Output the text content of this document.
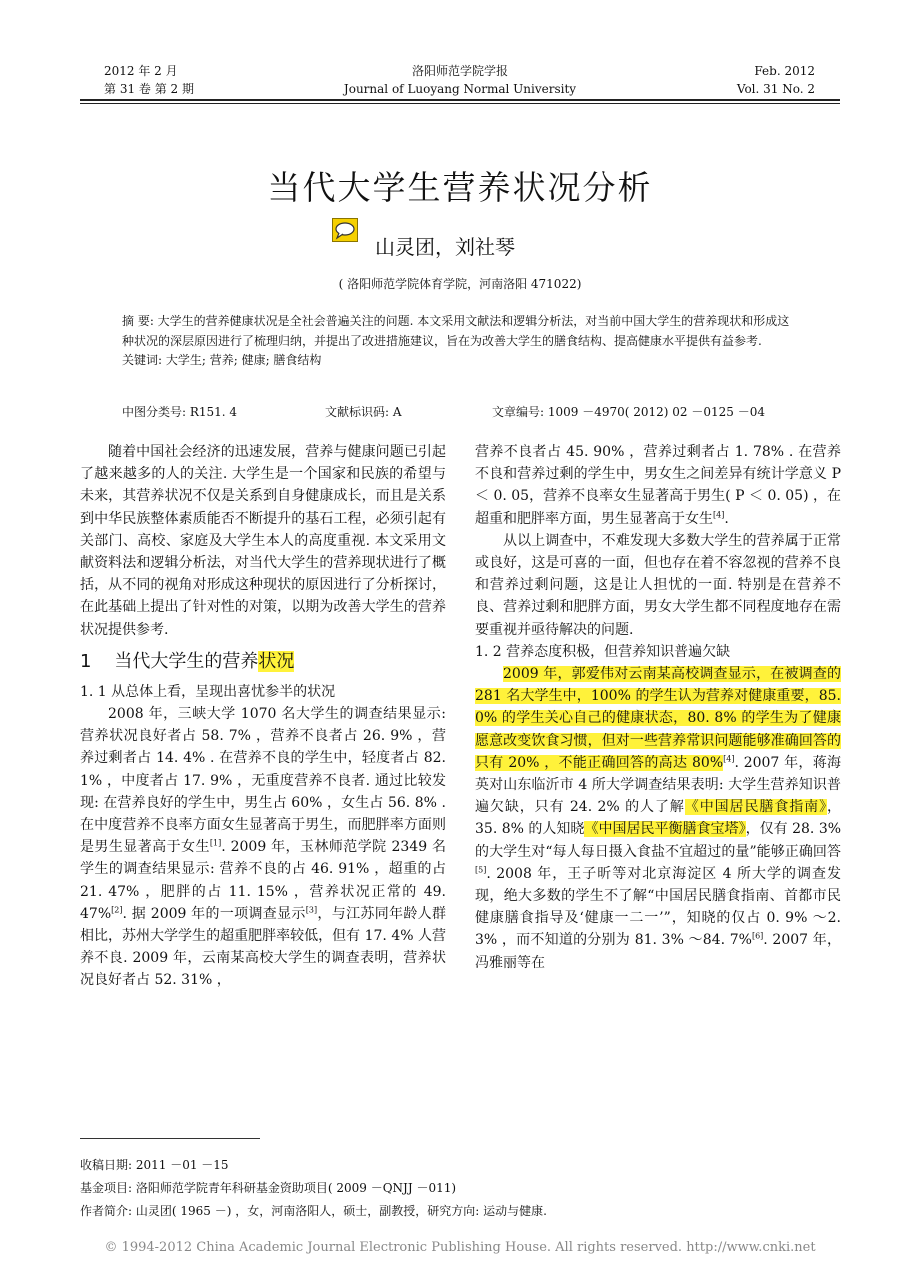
2012 年 2 月
第 31 卷 第 2 期
洛阳师范学院学报
Journal of Luoyang Normal University
Feb. 2012
Vol. 31 No. 2
当代大学生营养状况分析
山灵团，刘社琴
( 洛阳师范学院体育学院，河南洛阳 471022)
摘 要: 大学生的营养健康状况是全社会普遍关注的问题. 本文采用文献法和逻辑分析法，对当前中国大学生的营养现状和形成这种状况的深层原因进行了梳理归纳，并提出了改进措施建议，旨在为改善大学生的膳食结构、提高健康水平提供有益参考.
关键词: 大学生; 营养; 健康; 膳食结构
中图分类号: R151. 4	文献标识码: A	文章编号: 1009 －4970( 2012) 02 －0125 －04

随着中国社会经济的迅速发展，营养与健康问题已引起了越来越多的人的关注. 大学生是一个国家和民族的希望与未来，其营养状况不仅是关系到自身健康成长，而且是关系到中华民族整体素质能否不断提升的基石工程，必须引起有关部门、高校、家庭及大学生本人的高度重视. 本文采用文献资料法和逻辑分析法，对当代大学生的营养现状进行了概括，从不同的视角对形成这种现状的原因进行了分析探讨，在此基础上提出了针对性的对策，以期为改善大学生的营养状况提供参考.

1 当代大学生的营养状况
1. 1 从总体上看，呈现出喜忧参半的状况

2008 年，三峡大学 1070 名大学生的调查结果显示: 营养状况良好者占 58. 7% ，营养不良者占 26. 9% ，营养过剩者占 14. 4% . 在营养不良的学生中，轻度者占 82. 1% ，中度者占 17. 9% ，无重度营养不良者. 通过比较发现: 在营养良好的学生中，男生占 60% ，女生占 56. 8% . 在中度营养不良率方面女生显著高于男生，而肥胖率方面则是男生显著高于女生[1]. 2009 年，玉林师范学院 2349 名学生的调查结果显示: 营养不良的占 46. 91% ，超重的占 21. 47% ，肥胖的占 11. 15% ，营养状况正常的 49. 47%[2]. 据 2009 年的一项调查显示[3]，与江苏同年龄人群相比，苏州大学学生的超重肥胖率较低，但有 17. 4% 人营养不良. 2009 年，云南某高校大学生的调查表明，营养状况良好者占 52. 31% ，

营养不良者占 45. 90% ，营养过剩者占 1. 78% . 在营养不良和营养过剩的学生中，男女生之间差异有统计学意义 P ＜ 0. 05，营养不良率女生显著高于男生( P ＜ 0. 05) ，在超重和肥胖率方面，男生显著高于女生[4].

从以上调查中，不难发现大多数大学生的营养属于正常或良好，这是可喜的一面，但也存在着不容忽视的营养不良和营养过剩问题，这是让人担忧的一面. 特别是在营养不良、营养过剩和肥胖方面，男女大学生都不同程度地存在需要重视并亟待解决的问题.

1. 2 营养态度积极，但营养知识普遍欠缺

2009 年，郭爱伟对云南某高校调查显示，在被调查的 281 名大学生中，100% 的学生认为营养对健康重要，85. 0% 的学生关心自己的健康状态，80. 8% 的学生为了健康愿意改变饮食习惯，但对一些营养常识问题能够准确回答的只有 20% ，不能正确回答的高达 80%[4]. 2007 年，蒋海英对山东临沂市 4 所大学调查结果表明: 大学生营养知识普遍欠缺，只有 24. 2% 的人了解《中国居民膳食指南》，35. 8% 的人知晓《中国居民平衡膳食宝塔》，仅有 28. 3% 的大学生对“每人每日摄入食盐不宜超过的量”能够正确回答[5]. 2008 年，王子昕等对北京海淀区 4 所大学的调查发现，绝大多数的学生不了解“中国居民膳食指南、首都市民健康膳食指导及‘健康一二一’”，知晓的仅占 0. 9% ～2. 3% ，而不知道的分别为 81. 3% ～84. 7%[6]. 2007 年，冯雅丽等在

收稿日期: 2011 －01 －15
基金项目: 洛阳师范学院青年科研基金资助项目( 2009 －QNJJ －011)
作者简介: 山灵团( 1965 －) ，女，河南洛阳人，硕士，副教授，研究方向: 运动与健康.
© 1994-2012 China Academic Journal Electronic Publishing House. All rights reserved. http://www.cnki.net
